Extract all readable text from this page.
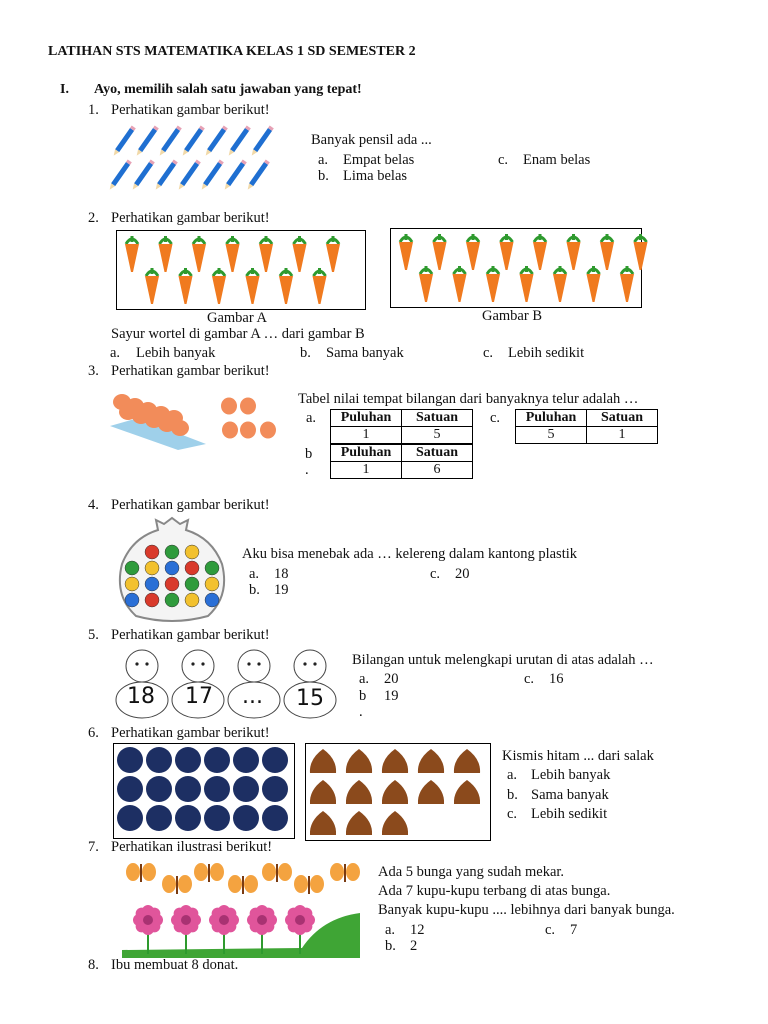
LATIHAN STS MATEMATIKA KELAS 1 SD SEMESTER 2
I. Ayo, memilih salah satu jawaban yang tepat!
1. Perhatikan gambar berikut!
Banyak pensil ada ...
a. Empat belas
b. Lima belas
c. Enam belas
2. Perhatikan gambar berikut!
Gambar A	Gambar B
Sayur wortel di gambar A … dari gambar B
a. Lebih banyak	b. Sama banyak	c. Lebih sedikit
3. Perhatikan gambar berikut!
Tabel nilai tempat bilangan dari banyaknya telur adalah …
a. Puluhan	Satuan
1	5
b
.
Puluhan	Satuan
1	6
c. Puluhan	Satuan
5	1
4. Perhatikan gambar berikut!
Aku bisa menebak ada … kelereng dalam kantong plastik
a. 18
b. 19
c. 20
5. Perhatikan gambar berikut!
18 17 ... 15
Bilangan untuk melengkapi urutan di atas adalah …
a. 20
b
.
19
c. 16
6. Perhatikan gambar berikut!
Kismis hitam ... dari salak
a. Lebih banyak
b. Sama banyak
c. Lebih sedikit
7. Perhatikan ilustrasi berikut!
Ada 5 bunga yang sudah mekar.
Ada 7 kupu-kupu terbang di atas bunga.
Banyak kupu-kupu .... lebihnya dari banyak bunga.
a. 12
b. 2
c. 7
8. Ibu membuat 8 donat.
